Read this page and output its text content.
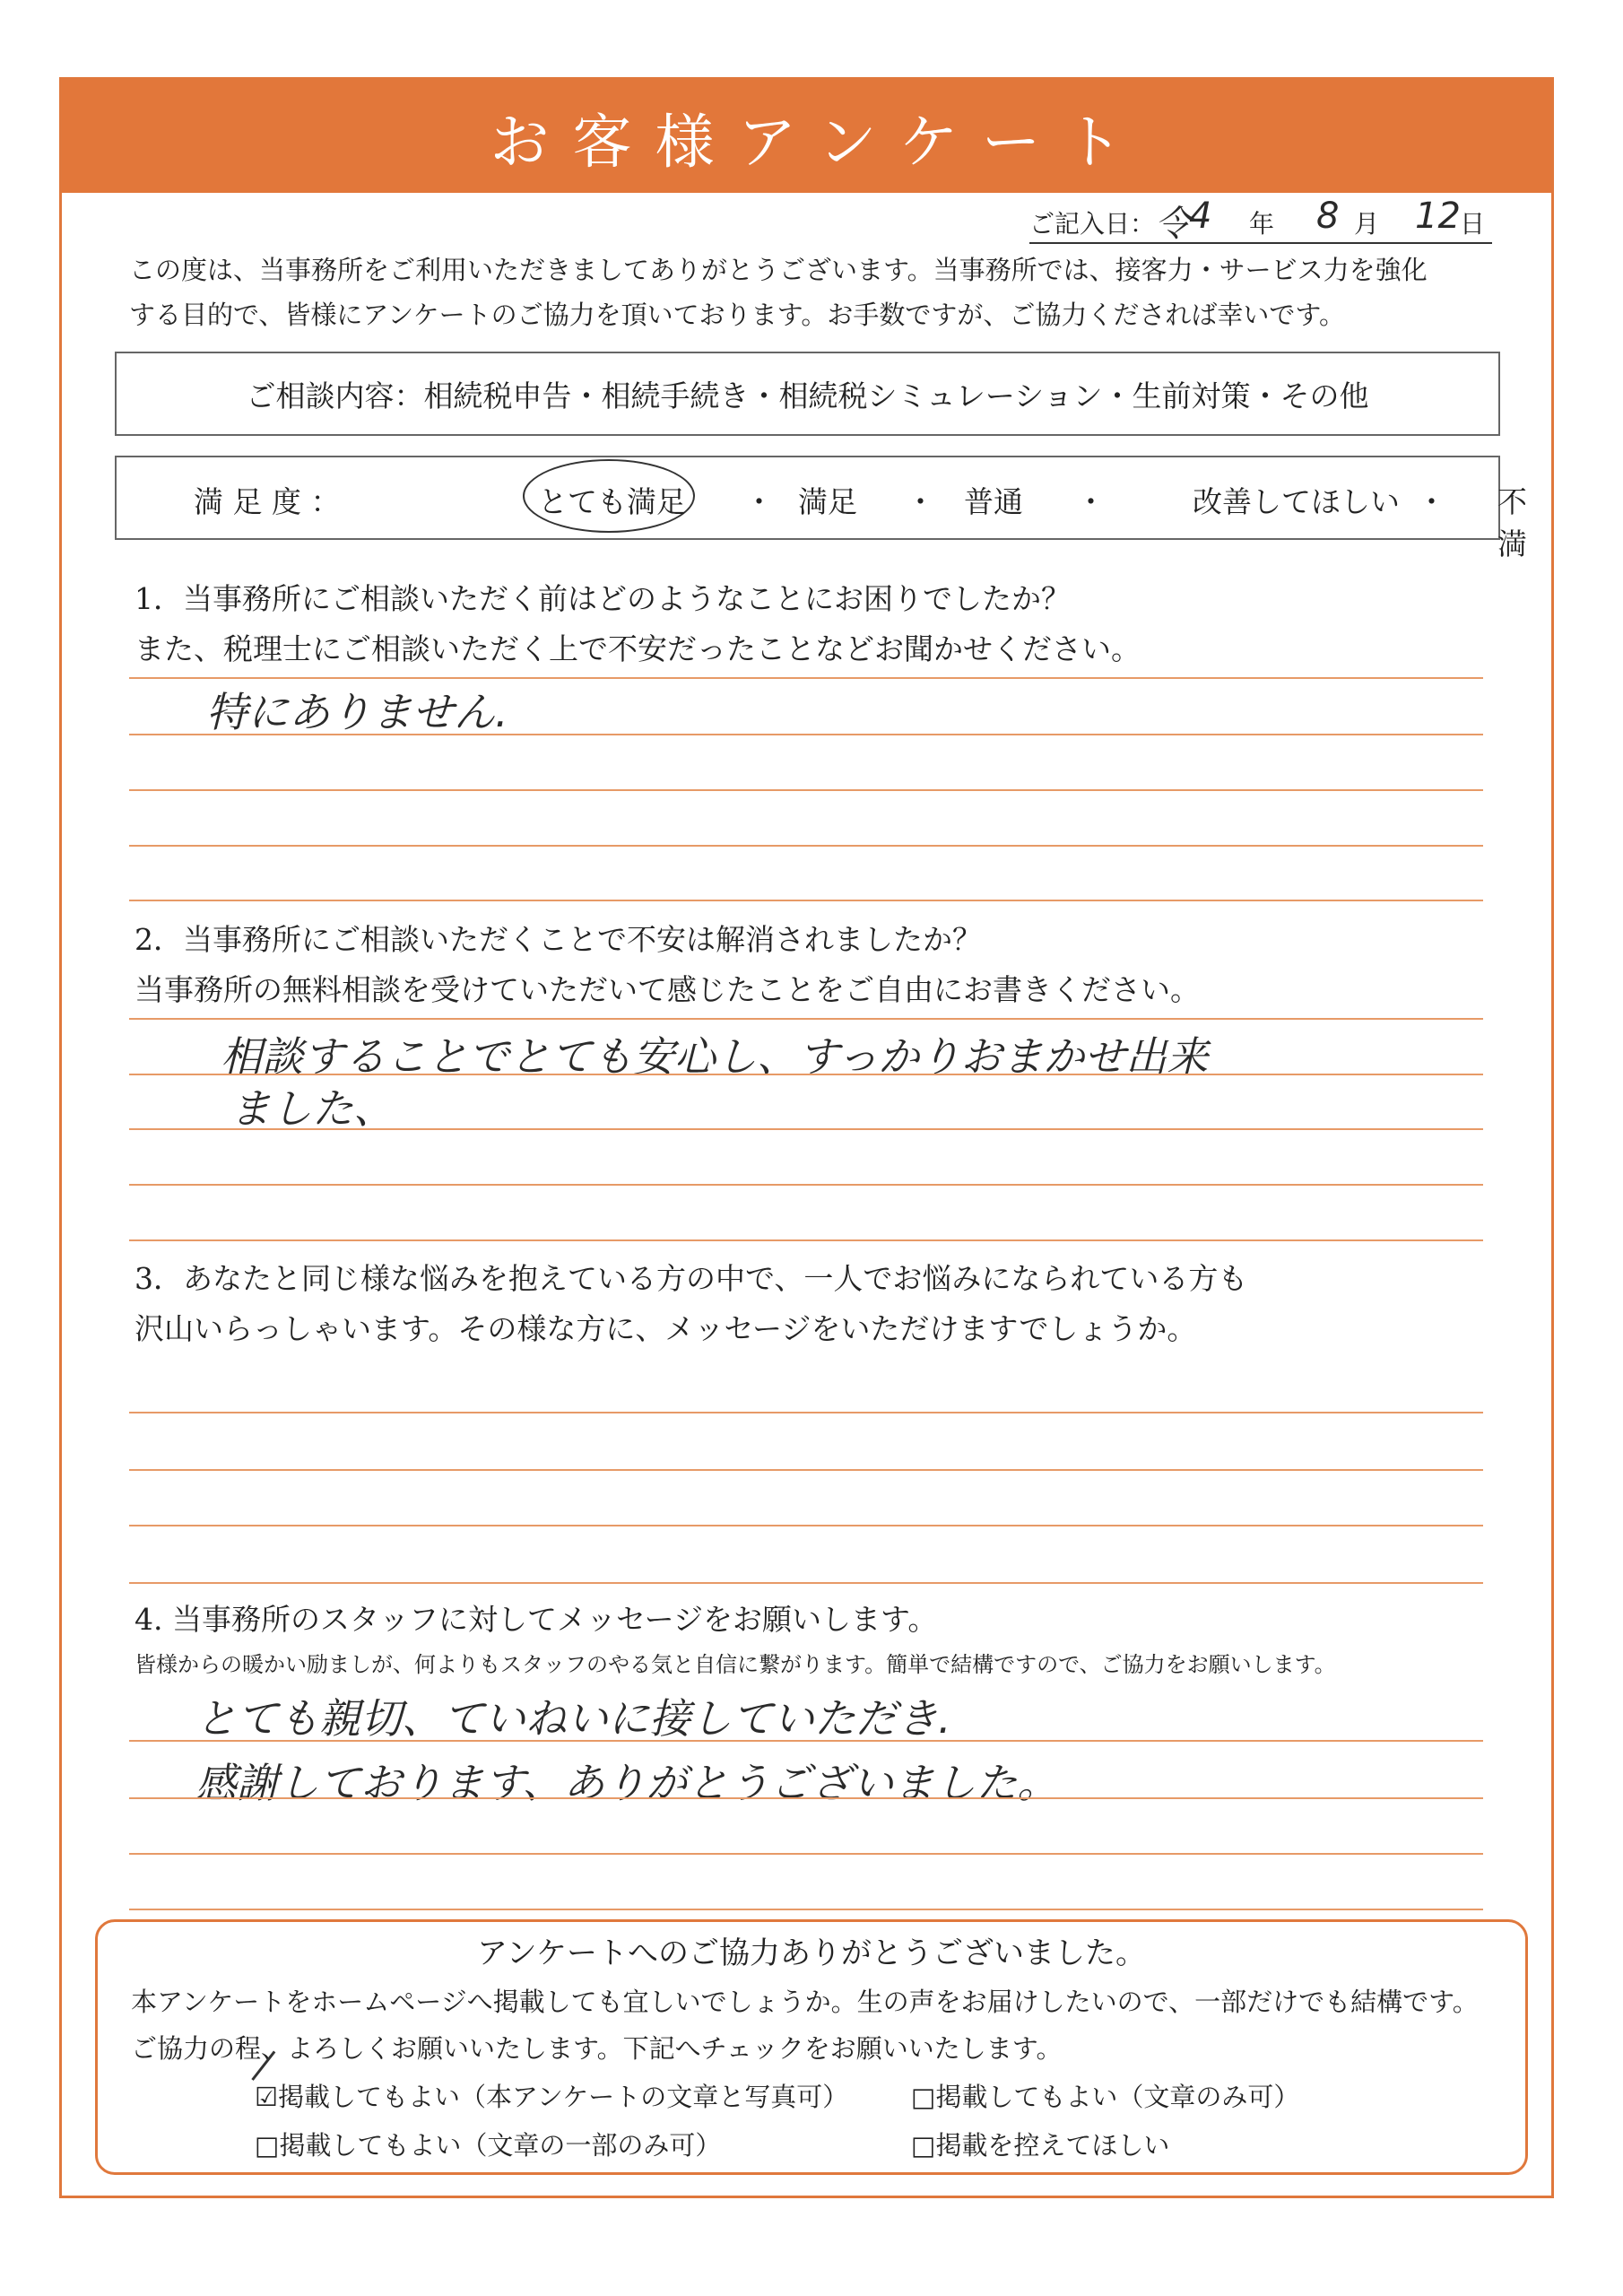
お客様アンケート
ご記入日： 令
4 年 8 月 12 日
この度は、当事務所をご利用いただきましてありがとうございます。当事務所では、接客力・サービス力を強化
する目的で、皆様にアンケートのご協力を頂いております。お手数ですが、ご協力くだされば幸いです。
ご相談内容：相続税申告・相続手続き・相続税シミュレーション・生前対策・その他
満 足 度 ：	とても満足 ・ 満足 ・ 普通 ・	改善してほしい ・ 不満
1．当事務所にご相談いただく前はどのようなことにお困りでしたか？
また、税理士にご相談いただく上で不安だったことなどお聞かせください。
特にありません.
2．当事務所にご相談いただくことで不安は解消されましたか？
当事務所の無料相談を受けていただいて感じたことをご自由にお書きください。
相談することでとても安心し、すっかりおまかせ出来
ました、
3．あなたと同じ様な悩みを抱えている方の中で、一人でお悩みになられている方も
沢山いらっしゃいます。その様な方に、メッセージをいただけますでしょうか。
4. 当事務所のスタッフに対してメッセージをお願いします。
皆様からの暖かい励ましが、何よりもスタッフのやる気と自信に繋がります。簡単で結構ですので、ご協力をお願いします。
とても親切、ていねいに接していただき.
感謝しております、ありがとうございました。
アンケートへのご協力ありがとうございました。
本アンケートをホームページへ掲載しても宜しいでしょうか。生の声をお届けしたいので、一部だけでも結構です。
ご協力の程、よろしくお願いいたします。下記へチェックをお願いいたします。
☑掲載してもよい（本アンケートの文章と写真可） □掲載してもよい（文章のみ可）
□掲載してもよい（文章の一部のみ可）	□掲載を控えてほしい
